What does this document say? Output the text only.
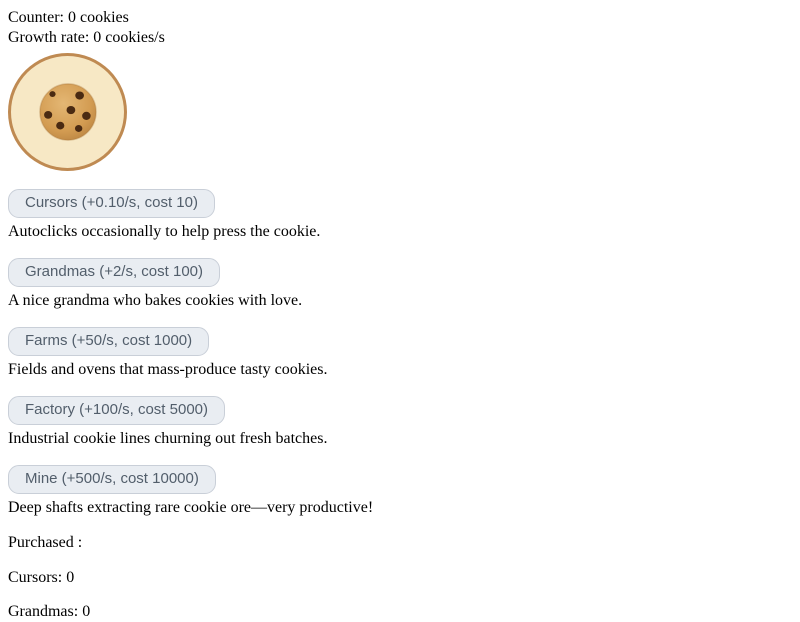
Counter: 0 cookies
Growth rate: 0 cookies/s
Cursors (+0.10/s, cost 10)
Autoclicks occasionally to help press the cookie.
Grandmas (+2/s, cost 100)
A nice grandma who bakes cookies with love.
Farms (+50/s, cost 1000)
Fields and ovens that mass-produce tasty cookies.
Factory (+100/s, cost 5000)
Industrial cookie lines churning out fresh batches.
Mine (+500/s, cost 10000)
Deep shafts extracting rare cookie ore—very productive!

Purchased :

Cursors: 0

Grandmas: 0
